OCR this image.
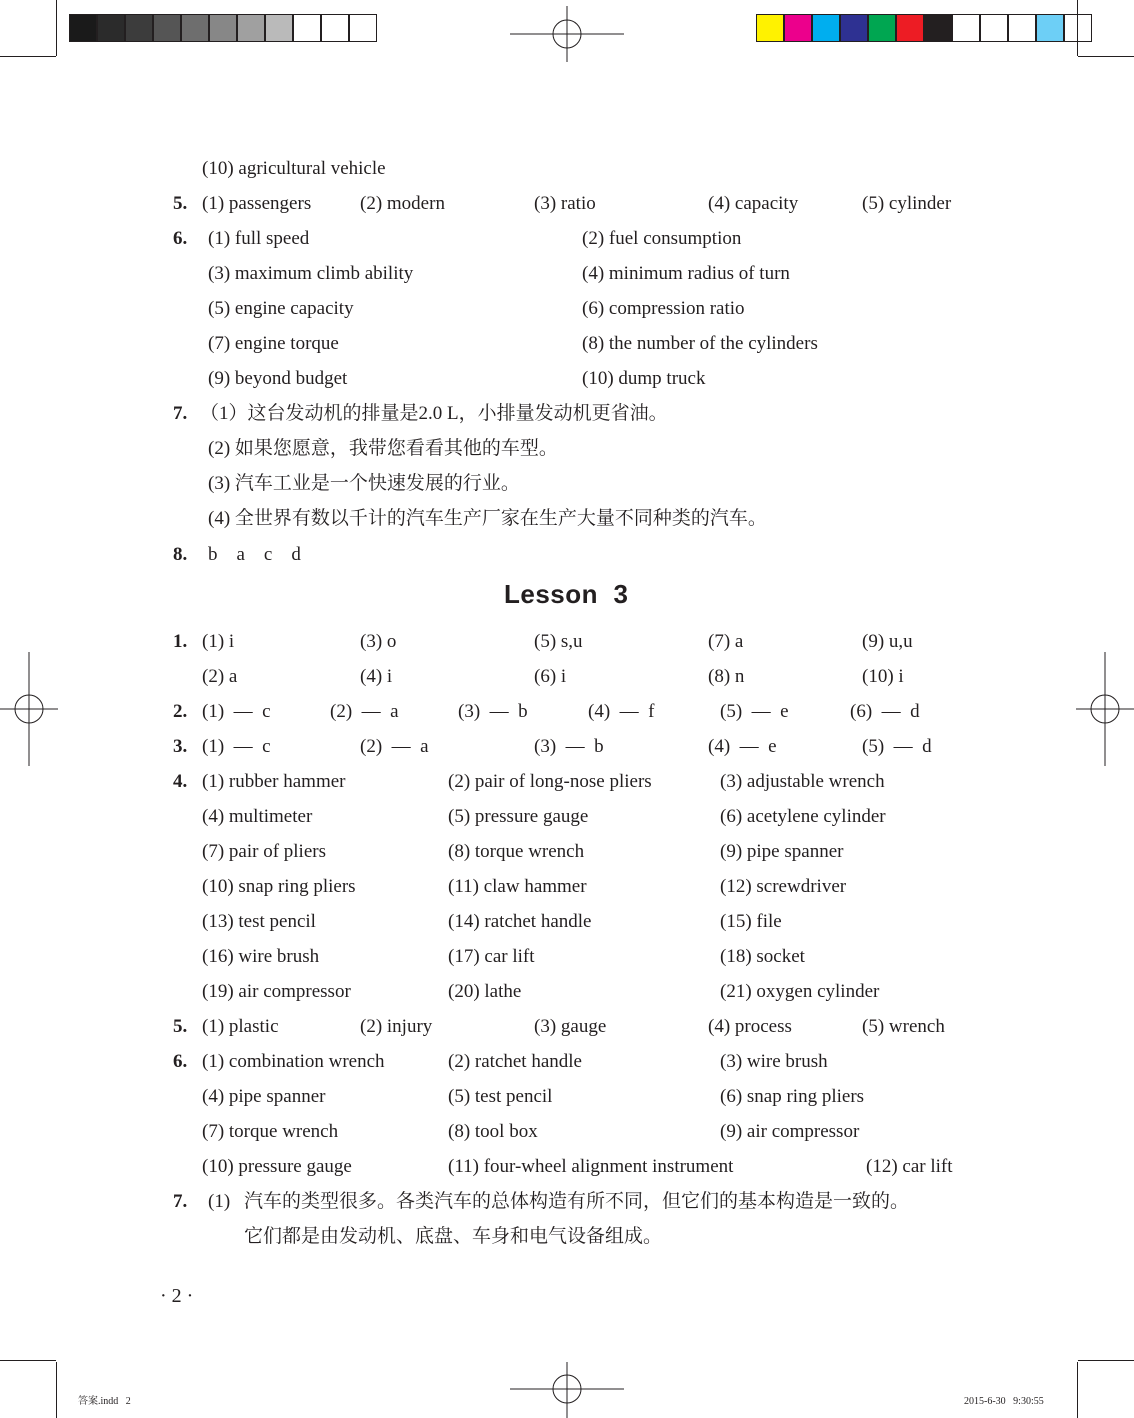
(10) agricultural vehicle
5. (1) passengers	(2) modern	(3) ratio	(4) capacity	(5) cylinder
6. (1) full speed	(2) fuel consumption
(3) maximum climb ability	(4) minimum radius of turn
(5) engine capacity	(6) compression ratio
(7) engine torque	(8) the number of the cylinders
(9) beyond budget	(10) dump truck
7. （1）这台发动机的排量是2.0 L，小排量发动机更省油。
(2) 如果您愿意，我带您看看其他的车型。
(3) 汽车工业是一个快速发展的行业。
(4) 全世界有数以千计的汽车生产厂家在生产大量不同种类的汽车。
8. b    a    c    d
Lesson  3
1. (1) i	(3) o	(5) s,u	(7) a	(9) u,u
(2) a	(4) i	(6) i	(8) n	(10) i
2. (1)  —  c	(2)  —  a	(3)  —  b	(4)  —  f	(5)  —  e	(6)  —  d
3. (1)  —  c	(2)  —  a	(3)  —  b	(4)  —  e	(5)  —  d
4. (1) rubber hammer	(2) pair of long-nose pliers	(3) adjustable wrench
(4) multimeter	(5) pressure gauge	(6) acetylene cylinder
(7) pair of pliers	(8) torque wrench	(9) pipe spanner
(10) snap ring pliers	(11) claw hammer	(12) screwdriver
(13) test pencil	(14) ratchet handle	(15) file
(16) wire brush	(17) car lift	(18) socket
(19) air compressor	(20) lathe	(21) oxygen cylinder
5. (1) plastic	(2) injury	(3) gauge	(4) process	(5) wrench
6. (1) combination wrench	(2) ratchet handle	(3) wire brush
(4) pipe spanner	(5) test pencil	(6) snap ring pliers
(7) torque wrench	(8) tool box	(9) air compressor
(10) pressure gauge	(11) four-wheel alignment instrument	(12) car lift
7. (1) 汽车的类型很多。各类汽车的总体构造有所不同，但它们的基本构造是一致的。
它们都是由发动机、底盘、车身和电气设备组成。
· 2 ·
答案.indd   2	2015-6-30   9:30:55
